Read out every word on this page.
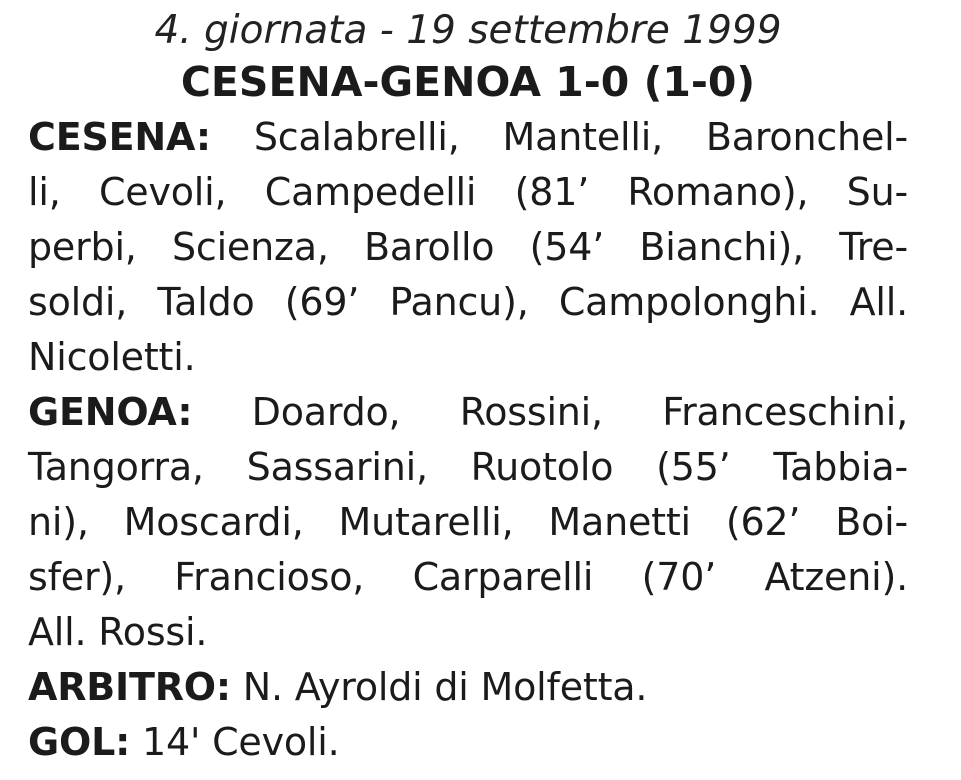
4. giornata - 19 settembre 1999
CESENA-GENOA 1-0 (1-0)
CESENA: Scalabrelli, Mantelli, Baronchel-
li, Cevoli, Campedelli (81’ Romano), Su-
perbi, Scienza, Barollo (54’ Bianchi), Tre-
soldi, Taldo (69’ Pancu), Campolonghi. All.
Nicoletti.
GENOA: Doardo, Rossini, Franceschini,
Tangorra, Sassarini, Ruotolo (55’ Tabbia-
ni), Moscardi, Mutarelli, Manetti (62’ Boi-
sfer), Francioso, Carparelli (70’ Atzeni).
All. Rossi.
ARBITRO: N. Ayroldi di Molfetta.
GOL: 14' Cevoli.
